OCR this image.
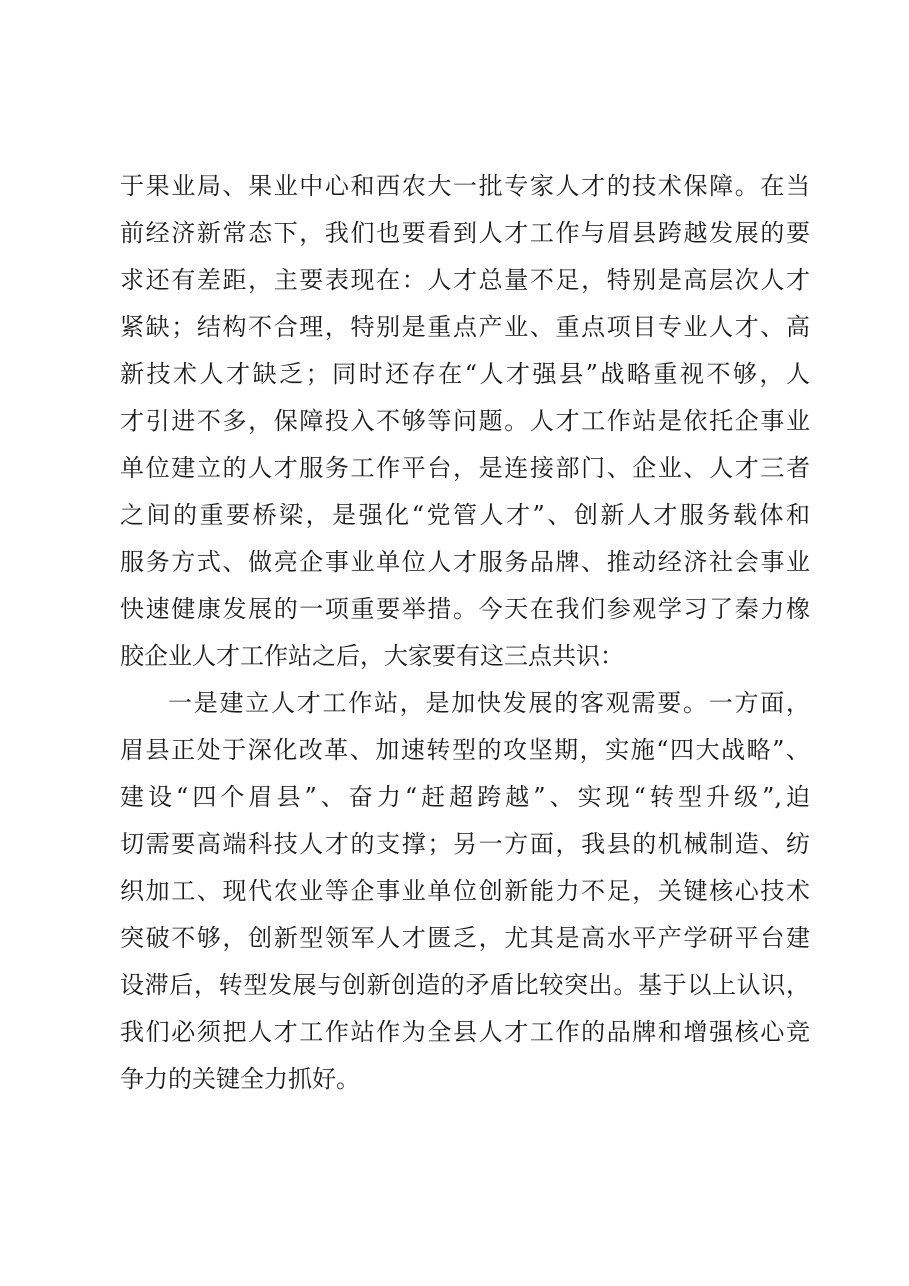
于果业局、果业中心和西农大一批专家人才的技术保障。在当
前经济新常态下，我们也要看到人才工作与眉县跨越发展的要
求还有差距，主要表现在：人才总量不足，特别是高层次人才
紧缺；结构不合理，特别是重点产业、重点项目专业人才、高
新技术人才缺乏；同时还存在“人才强县”战略重视不够，人
才引进不多，保障投入不够等问题。人才工作站是依托企事业
单位建立的人才服务工作平台，是连接部门、企业、人才三者
之间的重要桥梁，是强化“党管人才”、创新人才服务载体和
服务方式、做亮企事业单位人才服务品牌、推动经济社会事业
快速健康发展的一项重要举措。今天在我们参观学习了秦力橡
胶企业人才工作站之后，大家要有这三点共识：
一是建立人才工作站，是加快发展的客观需要。一方面，
眉县正处于深化改革、加速转型的攻坚期，实施“四大战略”、
建设“四个眉县”、奋力“赶超跨越”、实现“转型升级”,迫
切需要高端科技人才的支撑；另一方面，我县的机械制造、纺
织加工、现代农业等企事业单位创新能力不足，关键核心技术
突破不够，创新型领军人才匮乏，尤其是高水平产学研平台建
设滞后，转型发展与创新创造的矛盾比较突出。基于以上认识，
我们必须把人才工作站作为全县人才工作的品牌和增强核心竞
争力的关键全力抓好。
